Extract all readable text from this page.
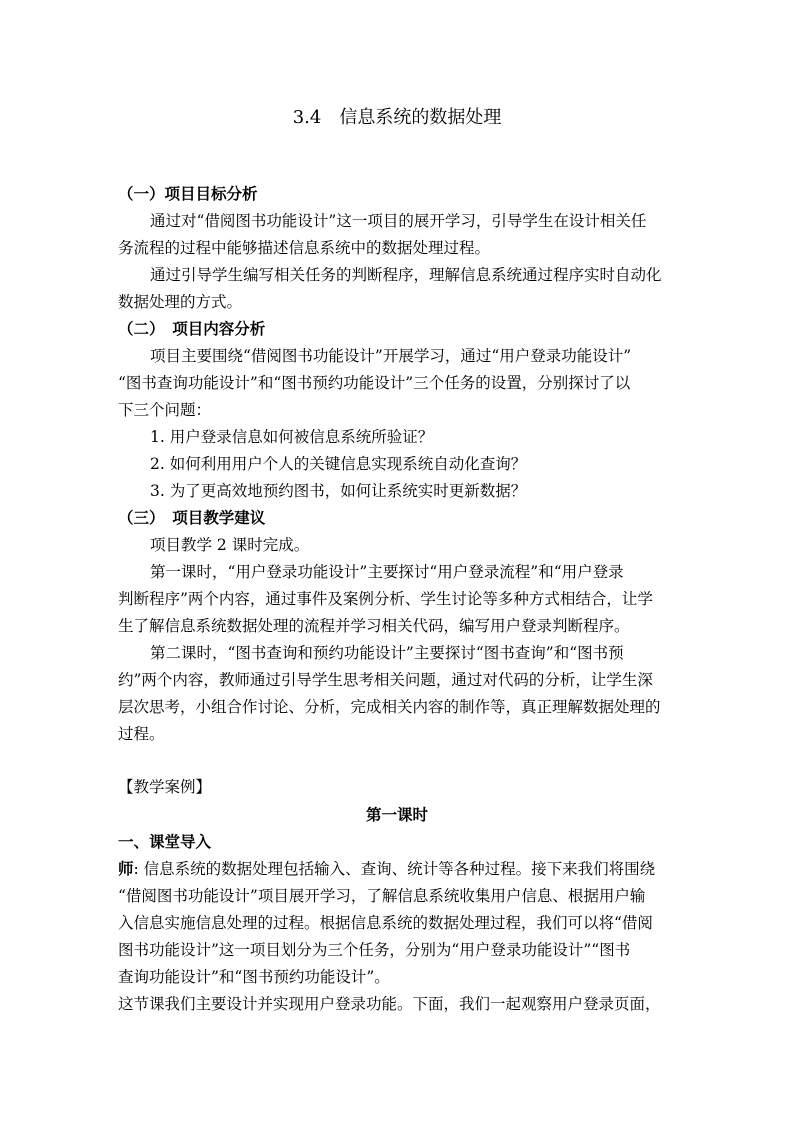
3.4　信息系统的数据处理
（一）项目目标分析
通过对“借阅图书功能设计”这一项目的展开学习，引导学生在设计相关任
务流程的过程中能够描述信息系统中的数据处理过程。
通过引导学生编写相关任务的判断程序，理解信息系统通过程序实时自动化
数据处理的方式。
（二）　项目内容分析
项目主要围绕“借阅图书功能设计”开展学习，通过“用户登录功能设计”
“图书查询功能设计”和“图书预约功能设计”三个任务的设置，分别探讨了以
下三个问题：
1. 用户登录信息如何被信息系统所验证？
2. 如何利用用户个人的关键信息实现系统自动化查询？
3. 为了更高效地预约图书，如何让系统实时更新数据？
（三）　项目教学建议
项目教学 2 课时完成。
第一课时，“用户登录功能设计”主要探讨“用户登录流程”和“用户登录
判断程序”两个内容，通过事件及案例分析、学生讨论等多种方式相结合，让学
生了解信息系统数据处理的流程并学习相关代码，编写用户登录判断程序。
第二课时，“图书查询和预约功能设计”主要探讨“图书查询”和“图书预
约”两个内容，教师通过引导学生思考相关问题，通过对代码的分析，让学生深
层次思考，小组合作讨论、分析，完成相关内容的制作等，真正理解数据处理的
过程。
【教学案例】
第一课时
一、课堂导入
师: 信息系统的数据处理包括输入、查询、统计等各种过程。接下来我们将围绕
“借阅图书功能设计”项目展开学习，了解信息系统收集用户信息、根据用户输
入信息实施信息处理的过程。根据信息系统的数据处理过程，我们可以将“借阅
图书功能设计”这一项目划分为三个任务，分别为“用户登录功能设计”“图书
查询功能设计”和“图书预约功能设计”。
这节课我们主要设计并实现用户登录功能。下面，我们一起观察用户登录页面，
